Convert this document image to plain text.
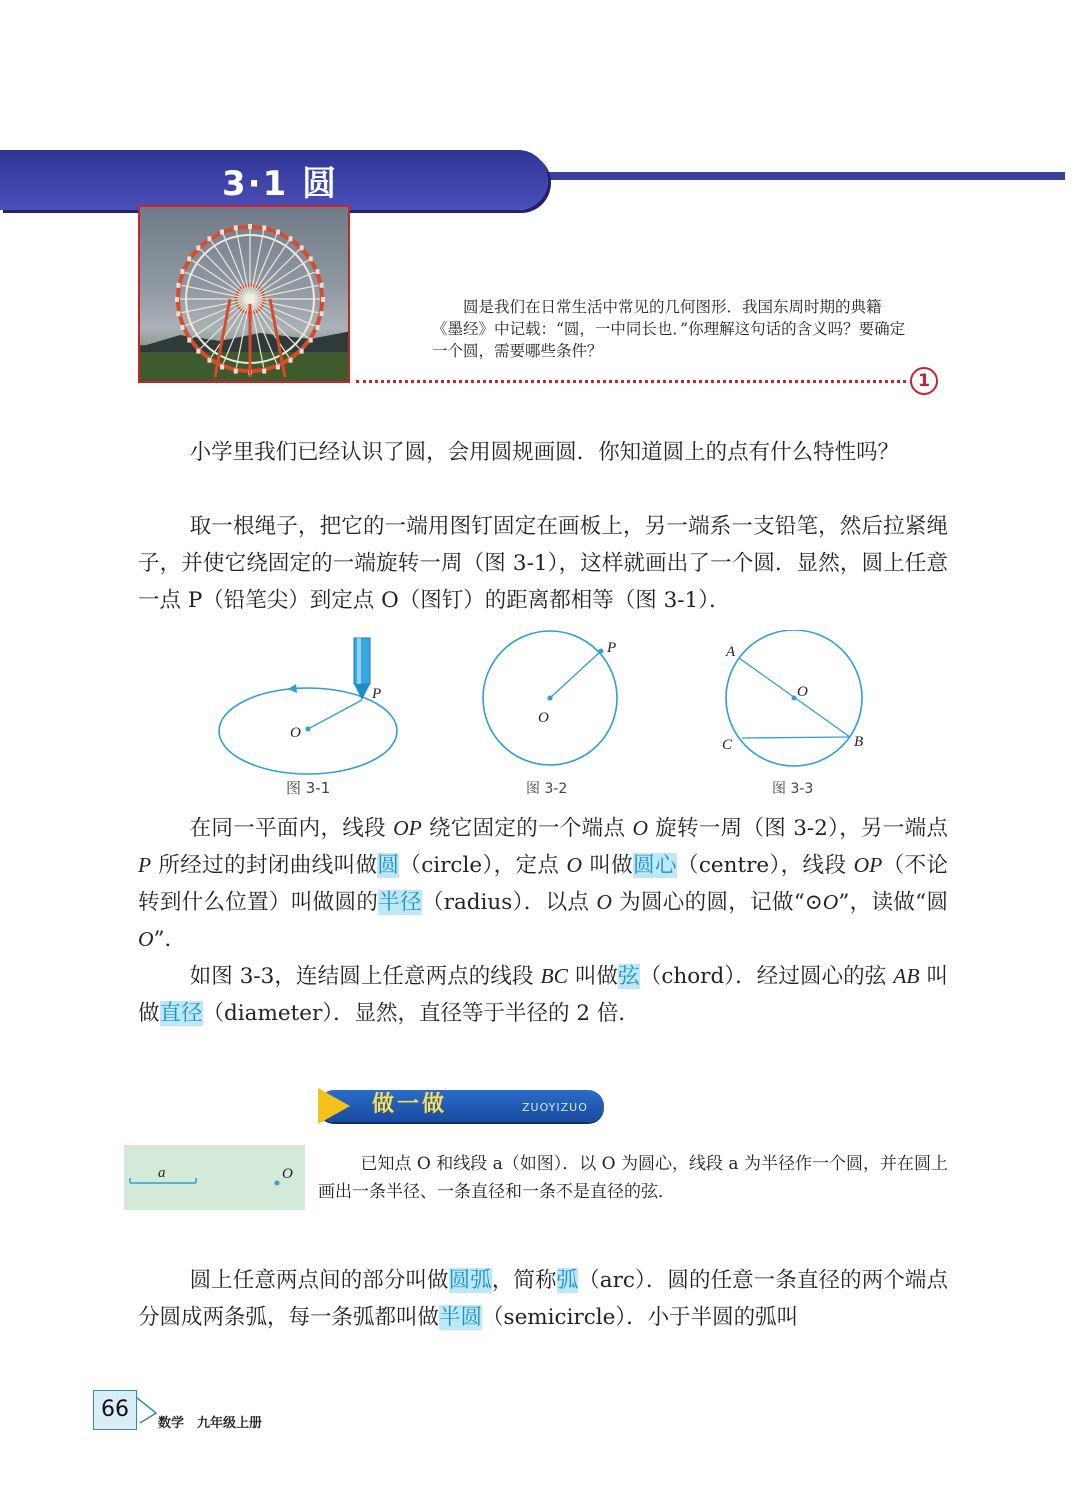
3·1 圆

圆是我们在日常生活中常见的几何图形．我国东周时期的典籍《墨经》中记载：“圆，一中同长也．”你理解这句话的含义吗？要确定一个圆，需要哪些条件？

1

小学里我们已经认识了圆，会用圆规画圆．你知道圆上的点有什么特性吗？

取一根绳子，把它的一端用图钉固定在画板上，另一端系一支铅笔，然后拉紧绳子，并使它绕固定的一端旋转一周（图 3-1），这样就画出了一个圆．显然，圆上任意一点 P（铅笔尖）到定点 O（图钉）的距离都相等（图 3-1）．

P
O
图 3-1
P
O
图 3-2
A
O
B
C
图 3-3

在同一平面内，线段 OP 绕它固定的一个端点 O 旋转一周（图 3-2），另一端点 P 所经过的封闭曲线叫做圆（circle），定点 O 叫做圆心（centre），线段 OP（不论转到什么位置）叫做圆的半径（radius）．以点 O 为圆心的圆，记做“⊙O”，读做“圆 O”．

如图 3-3，连结圆上任意两点的线段 BC 叫做弦（chord）．经过圆心的弦 AB 叫做直径（diameter）．显然，直径等于半径的 2 倍．

做一做	ZUOYIZUO
a	O	已知点 O 和线段 a（如图）．以 O 为圆心，线段 a 为半径作一个圆，并在圆上画出一条半径、一条直径和一条不是直径的弦．

圆上任意两点间的部分叫做圆弧，简称弧（arc）．圆的任意一条直径的两个端点分圆成两条弧，每一条弧都叫做半圆（semicircle）．小于半圆的弧叫

66
数学　九年级上册
